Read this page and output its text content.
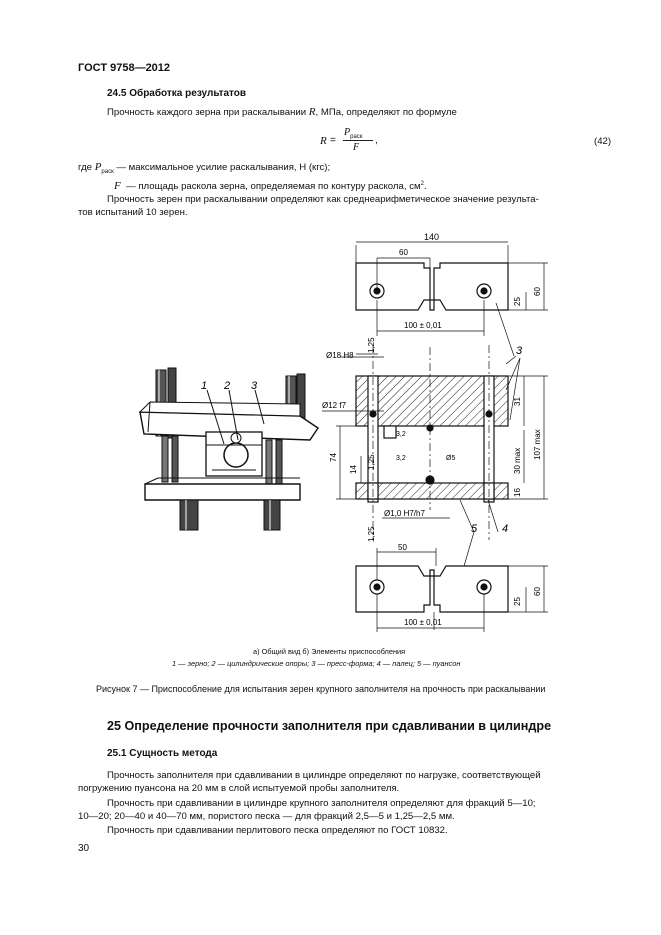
ГОСТ 9758—2012
24.5 Обработка результатов
Прочность каждого зерна при раскалывании R, МПа, определяют по формуле
R =
$P_{раск}$
F
,	(42)
где $P_{раск}$ — максимальное усилие раскалывания, Н (кгс);
F — площадь раскола зерна, определяемая по контуру раскола, $см^2$.
Прочность зерен при раскалывании определяют как среднеарифметическое значение результа-
тов испытаний 10 зерен.
1 2 3
140
60
100 ± 0,01
25
60
Ø18 H8
Ø12 f7
1,25
31
30 max
107 max
16
74
14 1,25
Ø1,0 H7/h7
3,2
3,2	Ø5
3
4
5
1,25
50
100 ± 0,01
25
60
а) Общий вид б) Элементы приспособления
1 — зерно; 2 — цилиндрические опоры; 3 — пресс-форма; 4 — палец; 5 — пуансон
Рисунок 7 — Приспособление для испытания зерен крупного заполнителя на прочность при раскалывании
25 Определение прочности заполнителя при сдавливании в цилиндре
25.1 Сущность метода
Прочность заполнителя при сдавливании в цилиндре определяют по нагрузке, соответствующей
погружению пуансона на 20 мм в слой испытуемой пробы заполнителя.
Прочность при сдавливании в цилиндре крупного заполнителя определяют для фракций 5—10;
10—20; 20—40 и 40—70 мм, пористого песка — для фракций 2,5—5 и 1,25—2,5 мм.
Прочность при сдавливании перлитового песка определяют по ГОСТ 10832.
30
